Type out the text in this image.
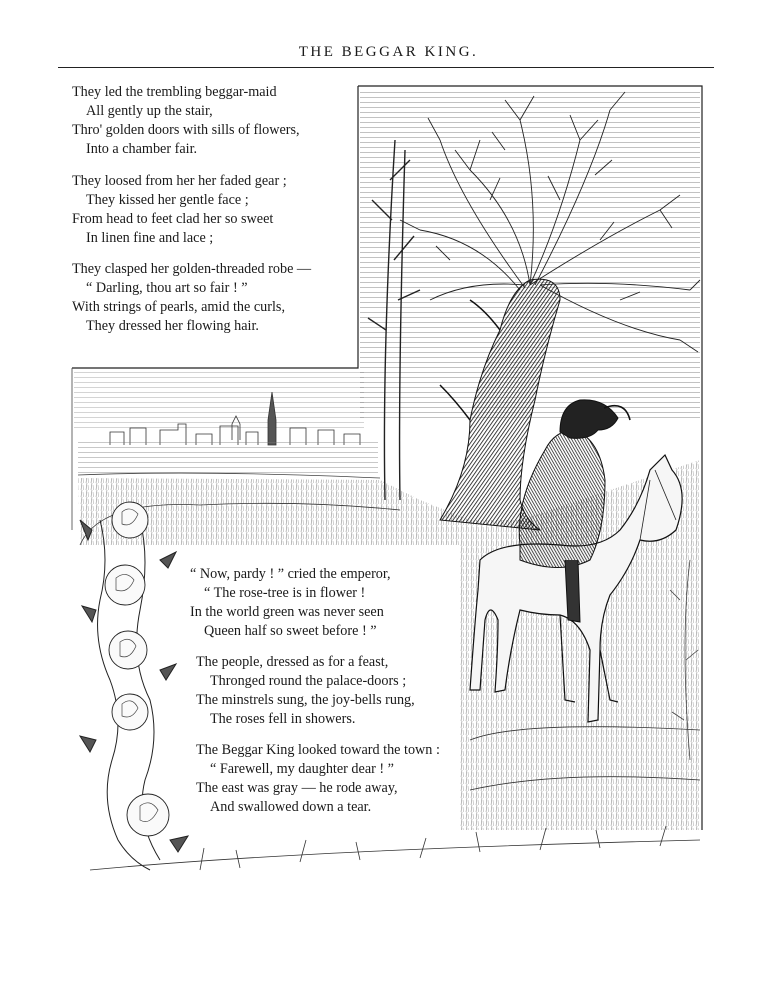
THE BEGGAR KING.
They led the trembling beggar-maid
All gently up the stair,
Thro' golden doors with sills of flowers,
Into a chamber fair.
They loosed from her her faded gear ;
They kissed her gentle face ;
From head to feet clad her so sweet
In linen fine and lace ;
They clasped her golden-threaded robe —
“ Darling, thou art so fair ! ”
With strings of pearls, amid the curls,
They dressed her flowing hair.
“ Now, pardy ! ” cried the emperor,
“ The rose-tree is in flower !
In the world green was never seen
Queen half so sweet before ! ”
The people, dressed as for a feast,
Thronged round the palace-doors ;
The minstrels sung, the joy-bells rung,
The roses fell in showers.
The Beggar King looked toward the town :
“ Farewell, my daughter dear ! ”
The east was gray — he rode away,
And swallowed down a tear.
